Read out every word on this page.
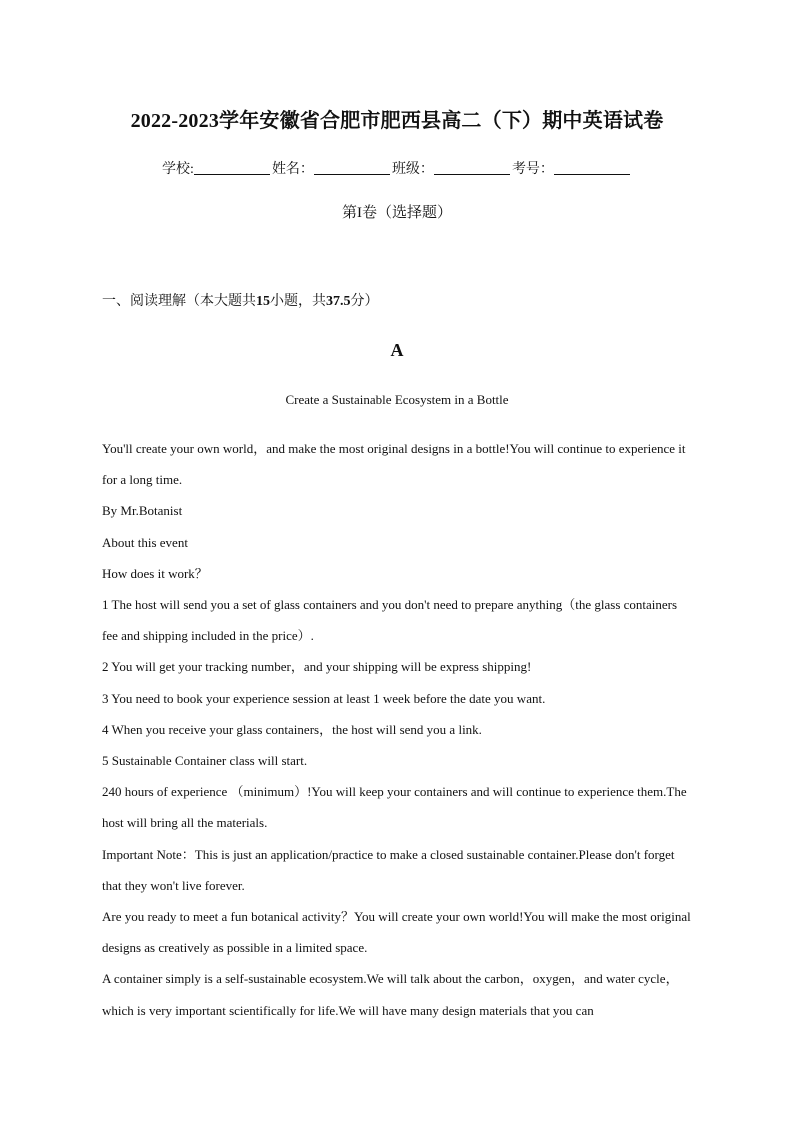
2022-2023学年安徽省合肥市肥西县高二（下）期中英语试卷
学校:	姓名：	班级：	考号：
第I卷（选择题）
一、阅读理解（本大题共15小题，共37.5分）
A
Create a Sustainable Ecosystem in a Bottle

You'll create your own world，and make the most original designs in a bottle!You will continue to experience it for a long time.

By Mr.Botanist

About this event

How does it work？

1 The host will send you a set of glass containers and you don't need to prepare anything（the glass containers fee and shipping included in the price）.

2 You will get your tracking number，and your shipping will be express shipping!

3 You need to book your experience session at least 1 week before the date you want.

4 When you receive your glass containers，the host will send you a link.

5 Sustainable Container class will start.

240 hours of experience （minimum）!You will keep your containers and will continue to experience them.The host will bring all the materials.

Important Note：This is just an application/practice to make a closed sustainable container.Please don't forget that they won't live forever.

Are you ready to meet a fun botanical activity？You will create your own world!You will make the most original designs as creatively as possible in a limited space.

A container simply is a self-sustainable ecosystem.We will talk about the carbon，oxygen，and water cycle，which is very important scientifically for life.We will have many design materials that you can
